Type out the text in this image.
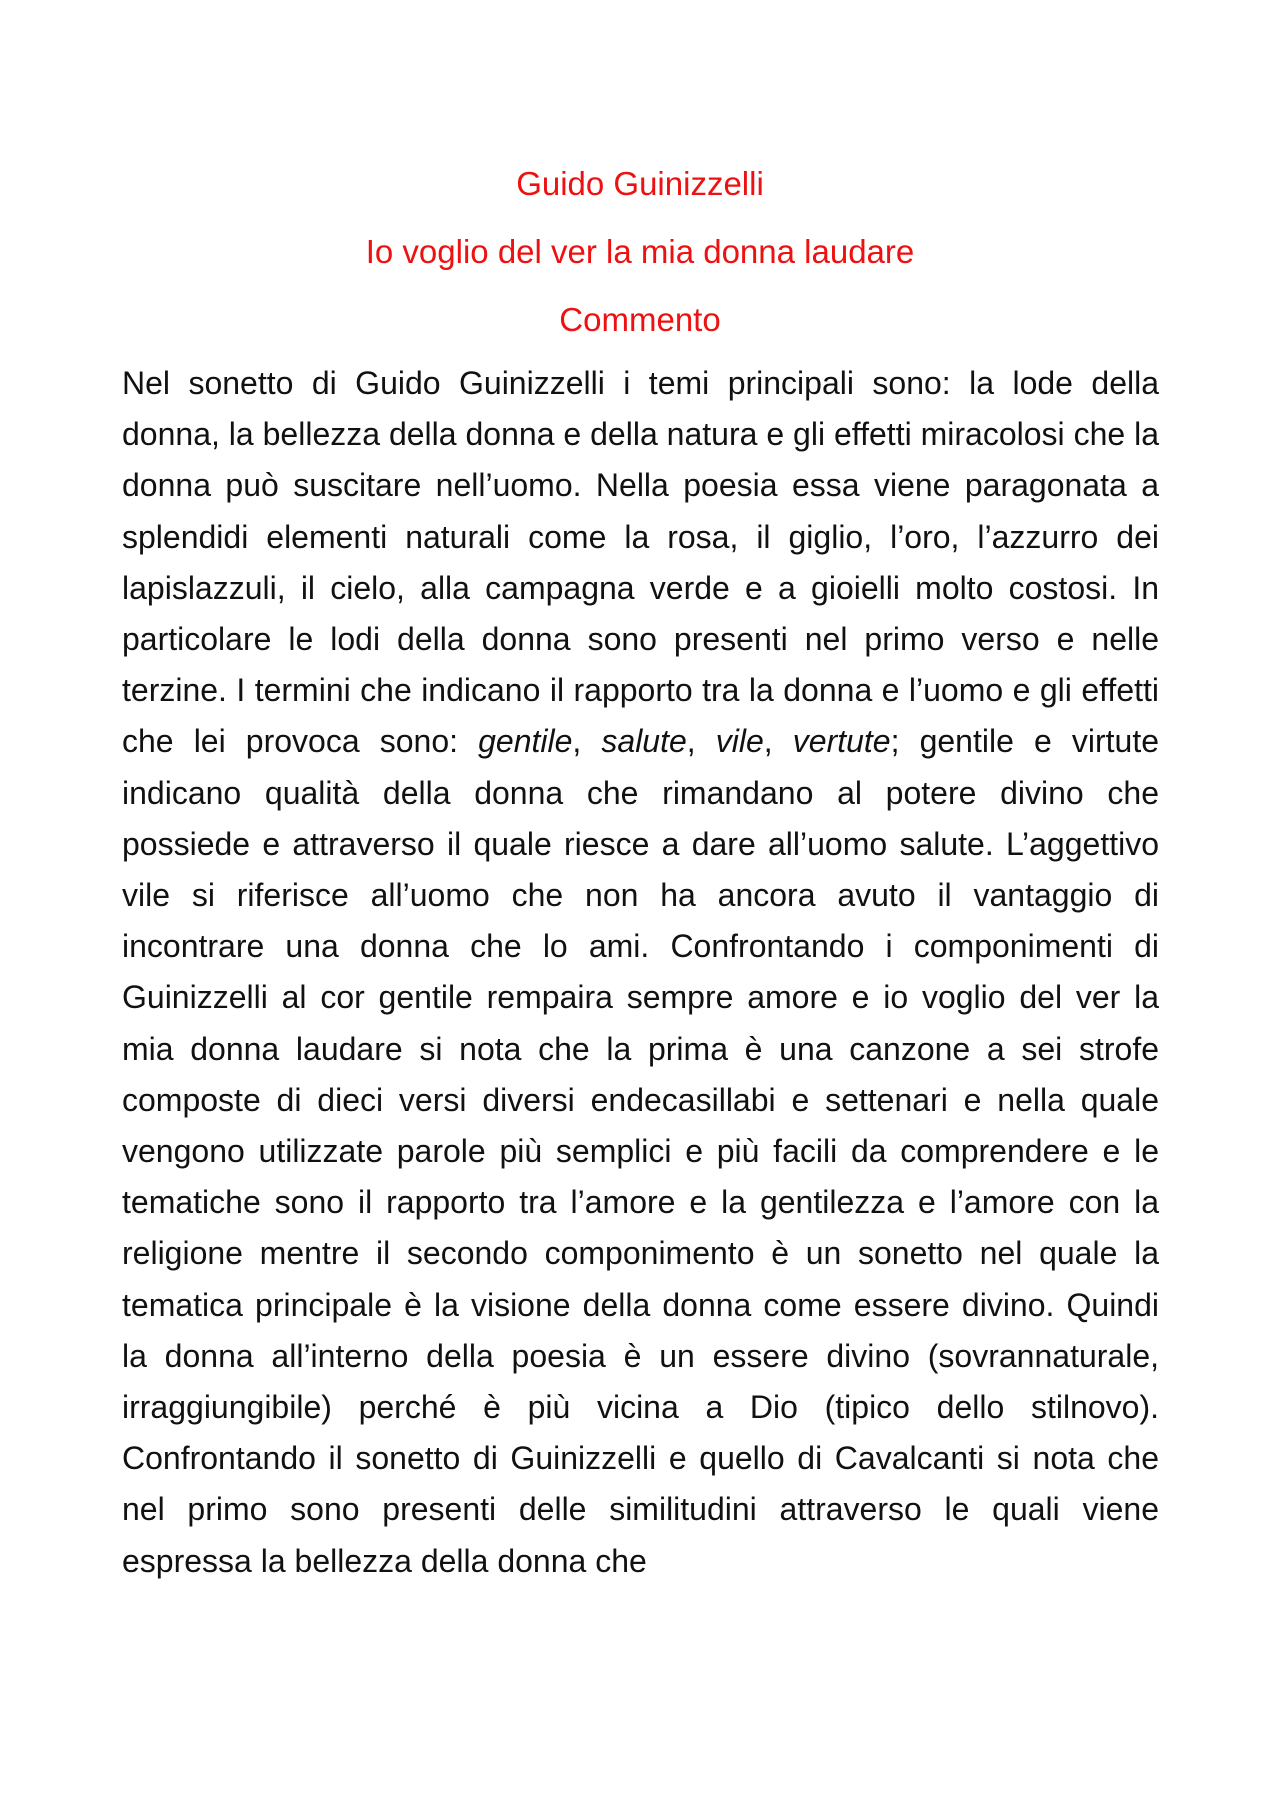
Guido Guinizzelli
Io voglio del ver la mia donna laudare
Commento

Nel sonetto di Guido Guinizzelli i temi principali sono: la lode della donna, la bellezza della donna e della natura e gli effetti miracolosi che la donna può suscitare nell’uomo. Nella poesia essa viene paragonata a splendidi elementi naturali come la rosa, il giglio, l’oro, l’azzurro dei lapislazzuli, il cielo, alla campagna verde e a gioielli molto costosi. In particolare le lodi della donna sono presenti nel primo verso e nelle terzine. I termini che indicano il rapporto tra la donna e l’uomo e gli effetti che lei provoca sono: gentile, salute, vile, vertute; gentile e virtute indicano qualità della donna che rimandano al potere divino che possiede e attraverso il quale riesce a dare all’uomo salute. L’aggettivo vile si riferisce all’uomo che non ha ancora avuto il vantaggio di incontrare una donna che lo ami. Confrontando i componimenti di Guinizzelli al cor gentile rempaira sempre amore e io voglio del ver la mia donna laudare si nota che la prima è una canzone a sei strofe composte di dieci versi diversi endecasillabi e settenari e nella quale vengono utilizzate parole più semplici e più facili da comprendere e le tematiche sono il rapporto tra l’amore e la gentilezza e l’amore con la religione mentre il secondo componimento è un sonetto nel quale la tematica principale è la visione della donna come essere divino. Quindi la donna all’interno della poesia è un essere divino (sovrannaturale, irraggiungibile) perché è più vicina a Dio (tipico dello stilnovo). Confrontando il sonetto di Guinizzelli e quello di Cavalcanti si nota che nel primo sono presenti delle similitudini attraverso le quali viene espressa la bellezza della donna che
